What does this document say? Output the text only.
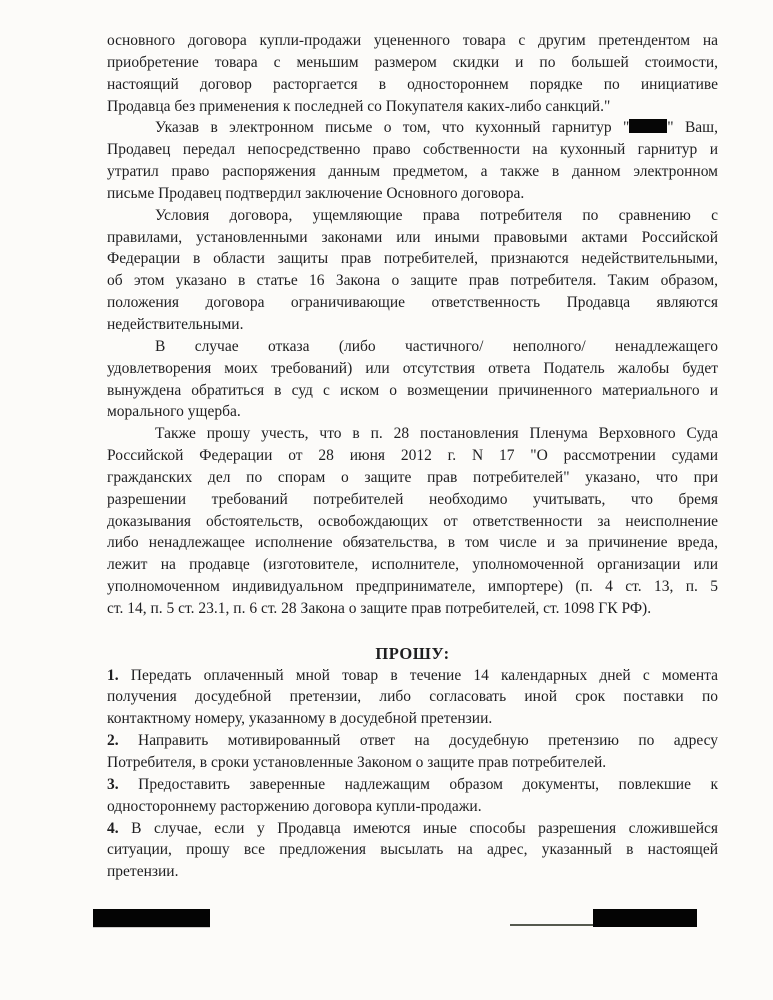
основного договора купли-продажи уцененного товара с другим претендентом на
приобретение товара с меньшим размером скидки и по большей стоимости,
настоящий договор расторгается в одностороннем порядке по инициативе
Продавца без применения к последней со Покупателя каких-либо санкций."
Указав в электронном письме о том, что кухонный гарнитур " " Ваш,
Продавец передал непосредственно право собственности на кухонный гарнитур и
утратил право распоряжения данным предметом, а также в данном электронном
письме Продавец подтвердил заключение Основного договора.
Условия договора, ущемляющие права потребителя по сравнению с
правилами, установленными законами или иными правовыми актами Российской
Федерации в области защиты прав потребителей, признаются недействительными,
об этом указано в статье 16 Закона о защите прав потребителя. Таким образом,
положения договора ограничивающие ответственность Продавца являются
недействительными.
В случае отказа (либо частичного/ неполного/ ненадлежащего
удовлетворения моих требований) или отсутствия ответа Податель жалобы будет
вынуждена обратиться в суд с иском о возмещении причиненного материального и
морального ущерба.
Также прошу учесть, что в п. 28 постановления Пленума Верховного Суда
Российской Федерации от 28 июня 2012 г. N 17 "О рассмотрении судами
гражданских дел по спорам о защите прав потребителей" указано, что при
разрешении требований потребителей необходимо учитывать, что бремя
доказывания обстоятельств, освобождающих от ответственности за неисполнение
либо ненадлежащее исполнение обязательства, в том числе и за причинение вреда,
лежит на продавце (изготовителе, исполнителе, уполномоченной организации или
уполномоченном индивидуальном предпринимателе, импортере) (п. 4 ст. 13, п. 5
ст. 14, п. 5 ст. 23.1, п. 6 ст. 28 Закона о защите прав потребителей, ст. 1098 ГК РФ).
ПРОШУ:
1. Передать оплаченный мной товар в течение 14 календарных дней с момента
получения досудебной претензии, либо согласовать иной срок поставки по
контактному номеру, указанному в досудебной претензии.
2. Направить мотивированный ответ на досудебную претензию по адресу
Потребителя, в сроки установленные Законом о защите прав потребителей.
3. Предоставить заверенные надлежащим образом документы, повлекшие к
одностороннему расторжению договора купли-продажи.
4. В случае, если у Продавца имеются иные способы разрешения сложившейся
ситуации, прошу все предложения высылать на адрес, указанный в настоящей
претензии.
